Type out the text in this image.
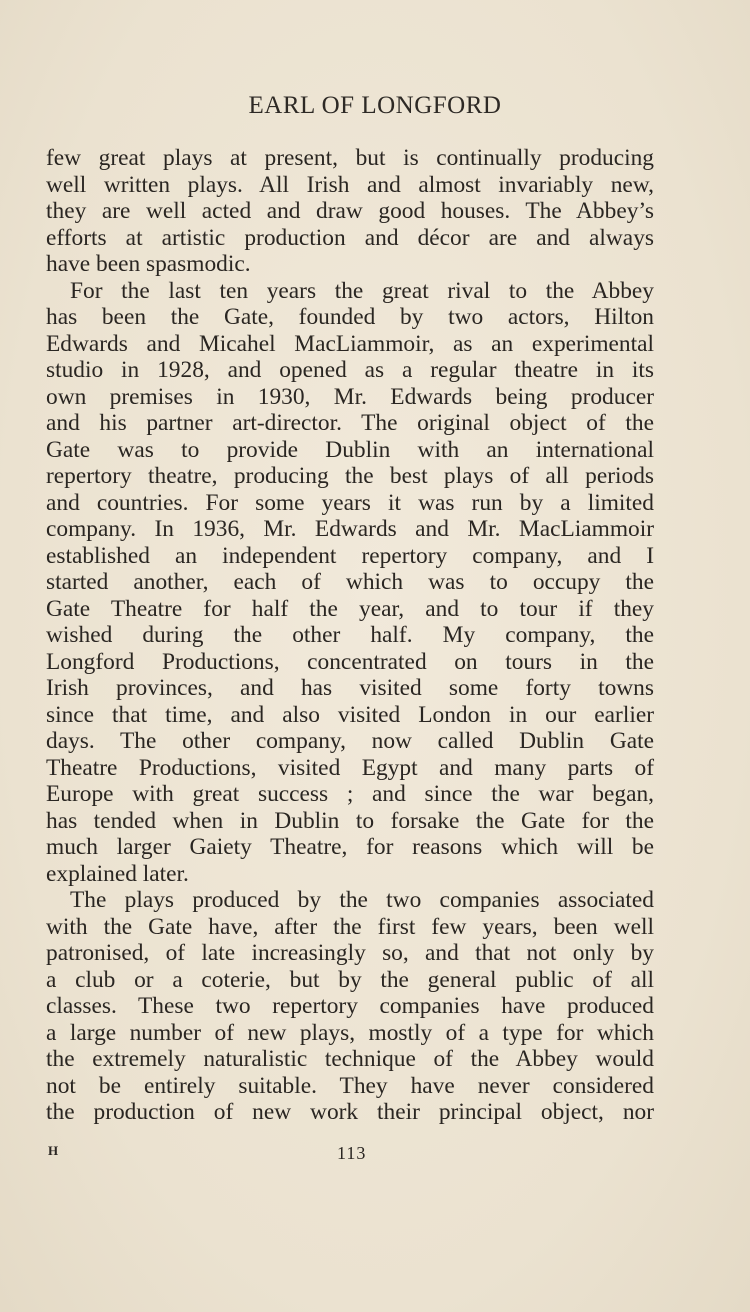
EARL OF LONGFORD
few great plays at present, but is continually producing
well written plays. All Irish and almost invariably new,
they are well acted and draw good houses. The Abbey’s
efforts at artistic production and décor are and always
have been spasmodic.
For the last ten years the great rival to the Abbey
has been the Gate, founded by two actors, Hilton
Edwards and Micahel MacLiammoir, as an experimental
studio in 1928, and opened as a regular theatre in its
own premises in 1930, Mr. Edwards being producer
and his partner art-director. The original object of the
Gate was to provide Dublin with an international
repertory theatre, producing the best plays of all periods
and countries. For some years it was run by a limited
company. In 1936, Mr. Edwards and Mr. MacLiammoir
established an independent repertory company, and I
started another, each of which was to occupy the
Gate Theatre for half the year, and to tour if they
wished during the other half. My company, the
Longford Productions, concentrated on tours in the
Irish provinces, and has visited some forty towns
since that time, and also visited London in our earlier
days. The other company, now called Dublin Gate
Theatre Productions, visited Egypt and many parts of
Europe with great success ; and since the war began,
has tended when in Dublin to forsake the Gate for the
much larger Gaiety Theatre, for reasons which will be
explained later.
The plays produced by the two companies associated
with the Gate have, after the first few years, been well
patronised, of late increasingly so, and that not only by
a club or a coterie, but by the general public of all
classes. These two repertory companies have produced
a large number of new plays, mostly of a type for which
the extremely naturalistic technique of the Abbey would
not be entirely suitable. They have never considered
the production of new work their principal object, nor
H	113
